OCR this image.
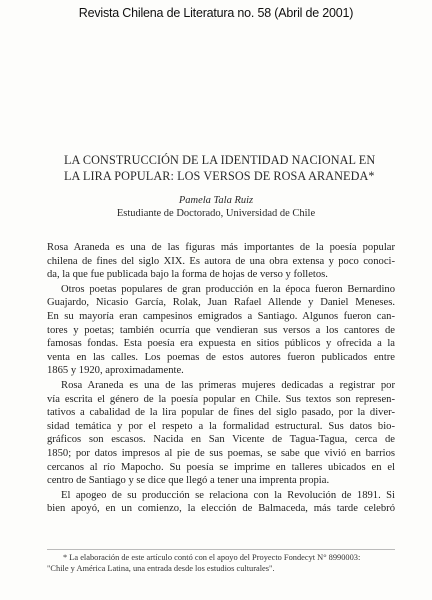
Revista Chilena de Literatura no. 58 (Abril de 2001)
LA CONSTRUCCIÓN DE LA IDENTIDAD NACIONAL EN
LA LIRA POPULAR: LOS VERSOS DE ROSA ARANEDA*
Pamela Tala Ruiz
Estudiante de Doctorado, Universidad de Chile

Rosa Araneda es una de las figuras más importantes de la poesía popular
chilena de fines del siglo XIX. Es autora de una obra extensa y poco conoci-
da, la que fue publicada bajo la forma de hojas de verso y folletos.

Otros poetas populares de gran producción en la época fueron Bernardino
Guajardo, Nicasio García, Rolak, Juan Rafael Allende y Daniel Meneses.
En su mayoría eran campesinos emigrados a Santiago. Algunos fueron can-
tores y poetas; también ocurría que vendieran sus versos a los cantores de
famosas fondas. Esta poesía era expuesta en sitios públicos y ofrecida a la
venta en las calles. Los poemas de estos autores fueron publicados entre
1865 y 1920, aproximadamente.

Rosa Araneda es una de las primeras mujeres dedicadas a registrar por
vía escrita el género de la poesía popular en Chile. Sus textos son represen-
tativos a cabalidad de la lira popular de fines del siglo pasado, por la diver-
sidad temática y por el respeto a la formalidad estructural. Sus datos bio-
gráficos son escasos. Nacida en San Vicente de Tagua-Tagua, cerca de
1850; por datos impresos al pie de sus poemas, se sabe que vivió en barrios
cercanos al río Mapocho. Su poesía se imprime en talleres ubicados en el
centro de Santiago y se dice que llegó a tener una imprenta propia.

El apogeo de su producción se relaciona con la Revolución de 1891. Si
bien apoyó, en un comienzo, la elección de Balmaceda, más tarde celebró

* La elaboración de este artículo contó con el apoyo del Proyecto Fondecyt N° 8990003:
"Chile y América Latina, una entrada desde los estudios culturales".
